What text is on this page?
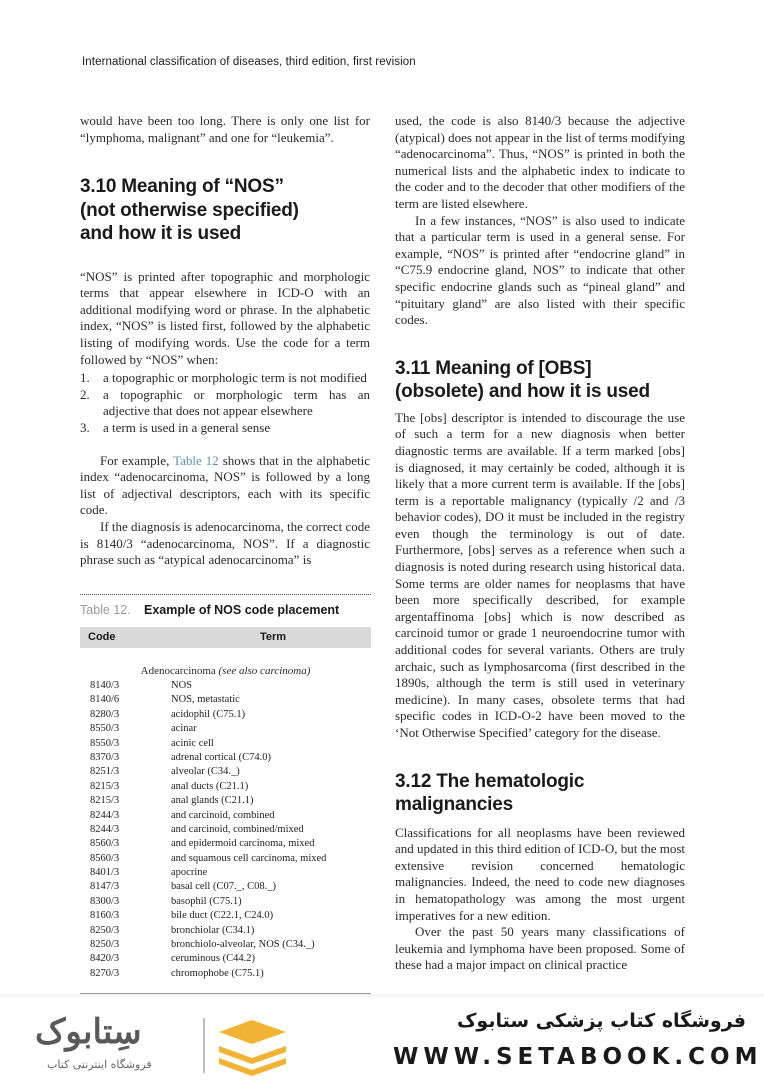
International classification of diseases, third edition, first revision

would have been too long. There is only one list for “lymphoma, malignant” and one for “leukemia”.

3.10 Meaning of “NOS”
(not otherwise specified)
and how it is used

“NOS” is printed after topographic and morphologic terms that appear elsewhere in ICD-O with an additional modifying word or phrase. In the alphabetic index, “NOS” is listed first, followed by the alphabetic listing of modifying words. Use the code for a term followed by “NOS” when:

1. a topographic or morphologic term is not modified
2. a topographic or morphologic term has an adjective that does not appear elsewhere
3. a term is used in a general sense

For example, Table 12 shows that in the alphabetic index “adenocarcinoma, NOS” is followed by a long list of adjectival descriptors, each with its specific code.

If the diagnosis is adenocarcinoma, the correct code is 8140/3 “adenocarcinoma, NOS”. If a diagnostic phrase such as “atypical adenocarcinoma” is

Table 12. Example of NOS code placement
Code	Term
Adenocarcinoma (see also carcinoma)
8140/3	NOS
8140/6	NOS, metastatic
8280/3	acidophil (C75.1)
8550/3	acinar
8550/3	acinic cell
8370/3	adrenal cortical (C74.0)
8251/3	alveolar (C34._)
8215/3	anal ducts (C21.1)
8215/3	anal glands (C21.1)
8244/3	and carcinoid, combined
8244/3	and carcinoid, combined/mixed
8560/3	and epidermoid carcinoma, mixed
8560/3	and squamous cell carcinoma, mixed
8401/3	apocrine
8147/3	basal cell (C07._, C08._)
8300/3	basophil (C75.1)
8160/3	bile duct (C22.1, C24.0)
8250/3	bronchiolar (C34.1)
8250/3	bronchiolo-alveolar, NOS (C34._)
8420/3	ceruminous (C44.2)
8270/3	chromophobe (C75.1)

used, the code is also 8140/3 because the adjective (atypical) does not appear in the list of terms modifying “adenocarcinoma”. Thus, “NOS” is printed in both the numerical lists and the alphabetic index to indicate to the coder and to the decoder that other modifiers of the term are listed elsewhere.

In a few instances, “NOS” is also used to indicate that a particular term is used in a general sense. For example, “NOS” is printed after “endocrine gland” in “C75.9 endocrine gland, NOS” to indicate that other specific endocrine glands such as “pineal gland” and “pituitary gland” are also listed with their specific codes.

3.11 Meaning of [OBS]
(obsolete) and how it is used

The [obs] descriptor is intended to discourage the use of such a term for a new diagnosis when better diagnostic terms are available. If a term marked [obs] is diagnosed, it may certainly be coded, although it is likely that a more current term is available. If the [obs] term is a reportable malignancy (typically /2 and /3 behavior codes), DO it must be included in the registry even though the terminology is out of date. Furthermore, [obs] serves as a reference when such a diagnosis is noted during research using historical data. Some terms are older names for neoplasms that have been more specifically described, for example argentaffinoma [obs] which is now described as carcinoid tumor or grade 1 neuroendocrine tumor with additional codes for several variants. Others are truly archaic, such as lymphosarcoma (first described in the 1890s, although the term is still used in veterinary medicine). In many cases, obsolete terms that had specific codes in ICD-O-2 have been moved to the ‘Not Otherwise Specified’ category for the disease.

3.12 The hematologic
malignancies

Classifications for all neoplasms have been reviewed and updated in this third edition of ICD-O, but the most extensive revision concerned hematologic malignancies. Indeed, the need to code new diagnoses in hematopathology was among the most urgent imperatives for a new edition.

Over the past 50 years many classifications of leukemia and lymphoma have been proposed. Some of these had a major impact on clinical practice

سِتابوک
فروشگاه اینترنتی کتاب
فروشگاه کتاب پزشکی ستابوک
WWW.SETABOOK.COM
